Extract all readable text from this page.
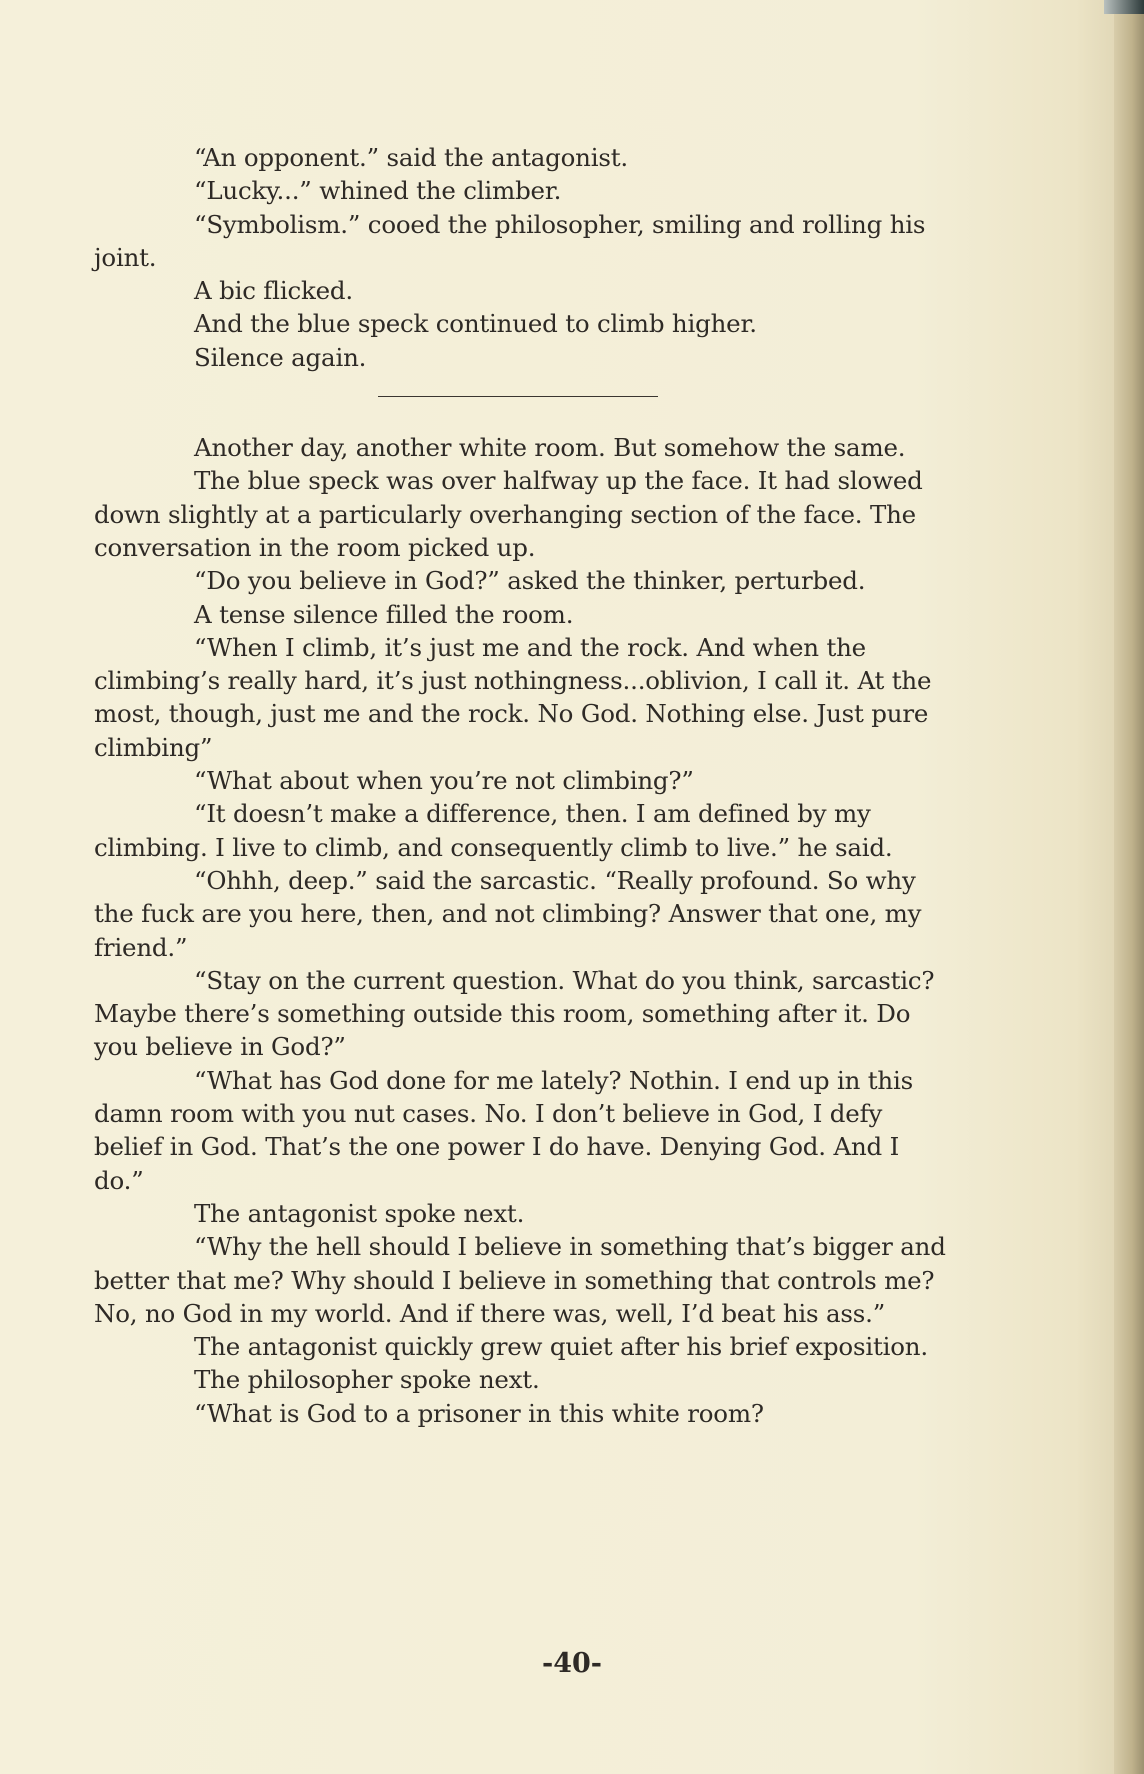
“An opponent.” said the antagonist.

“Lucky...” whined the climber.

“Symbolism.” cooed the philosopher, smiling and rolling his joint.

A bic flicked.

And the blue speck continued to climb higher.

Silence again.

Another day, another white room. But somehow the same.

The blue speck was over halfway up the face. It had slowed down slightly at a particularly overhanging section of the face. The conversation in the room picked up.

“Do you believe in God?” asked the thinker, perturbed.

A tense silence filled the room.

“When I climb, it’s just me and the rock. And when the climbing’s really hard, it’s just nothingness...oblivion, I call it. At the most, though, just me and the rock. No God. Nothing else. Just pure climbing”

“What about when you’re not climbing?”

“It doesn’t make a difference, then. I am defined by my climbing. I live to climb, and consequently climb to live.” he said.

“Ohhh, deep.” said the sarcastic. “Really profound. So why the fuck are you here, then, and not climbing? Answer that one, my friend.”

“Stay on the current question. What do you think, sarcastic? Maybe there’s something outside this room, something after it. Do you believe in God?”

“What has God done for me lately? Nothin. I end up in this damn room with you nut cases. No. I don’t believe in God, I defy belief in God. That’s the one power I do have. Denying God. And I do.”

The antagonist spoke next.

“Why the hell should I believe in something that’s bigger and better that me? Why should I believe in something that controls me? No, no God in my world. And if there was, well, I’d beat his ass.”

The antagonist quickly grew quiet after his brief exposition.

The philosopher spoke next.

“What is God to a prisoner in this white room?

-40-
